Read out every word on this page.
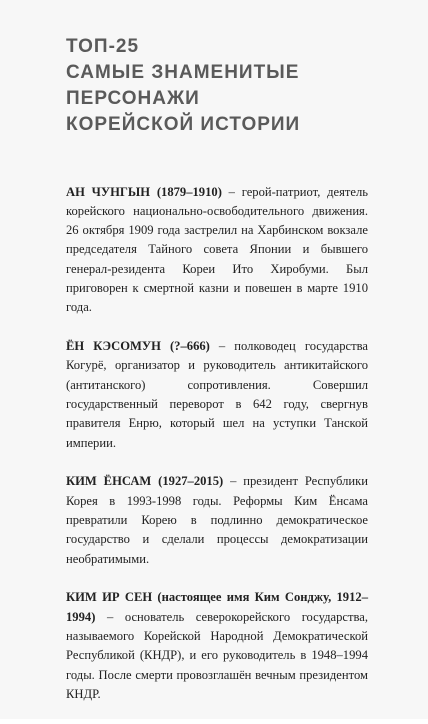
ТОП-25
САМЫЕ ЗНАМЕНИТЫЕ
ПЕРСОНАЖИ
КОРЕЙСКОЙ ИСТОРИИ

АН ЧУНГЫН (1879–1910) – герой-патриот, деятель корейского национально-освободительного движения. 26 октября 1909 года застрелил на Харбинском вокзале председателя Тайного совета Японии и бывшего генерал-резидента Кореи Ито Хиробуми. Был приговорен к смертной казни и повешен в марте 1910 года.

ЁН КЭСОМУН (?–666) – полководец государства Когурё, организатор и руководитель антикитайского (антитанского) сопротивления. Совершил государственный переворот в 642 году, свергнув правителя Енрю, который шел на уступки Танской империи.

КИМ ЁНСАМ (1927–2015) – президент Республики Корея в 1993-1998 годы. Реформы Ким Ёнсама превратили Корею в подлинно демократическое государство и сделали процессы демократизации необратимыми.

КИМ ИР СЕН (настоящее имя Ким Сонджу, 1912–1994) – основатель северокорейского государства, называемого Корейской Народной Демократической Республикой (КНДР), и его руководитель в 1948–1994 годы. После смерти провозглашён вечным президентом КНДР.
